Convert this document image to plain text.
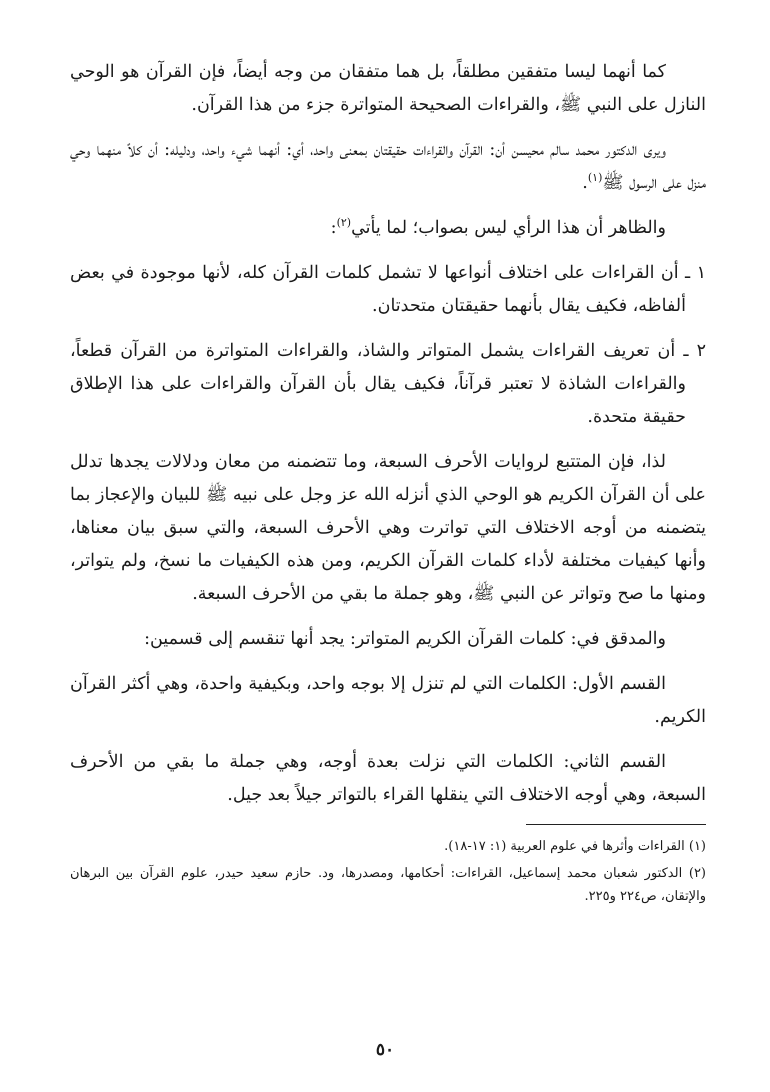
كما أنهما ليسا متفقين مطلقاً، بل هما متفقان من وجه أيضاً، فإن القرآن هو الوحي النازل على النبي ﷺ، والقراءات الصحيحة المتواترة جزء من هذا القرآن.

ويرى الدكتور محمد سالم محيسن أن: القرآن والقراءات حقيقتان بمعنى واحد، أي: أنهما شيء واحد، ودليله: أن كلاً منهما وحي منزل على الرسول ﷺ$^{(١)}$.

والظاهر أن هذا الرأي ليس بصواب؛ لما يأتي$^{(٢)}$:

١ ـ أن القراءات على اختلاف أنواعها لا تشمل كلمات القرآن كله، لأنها موجودة في بعض ألفاظه، فكيف يقال بأنهما حقيقتان متحدتان.

٢ ـ أن تعريف القراءات يشمل المتواتر والشاذ، والقراءات المتواترة من القرآن قطعاً، والقراءات الشاذة لا تعتبر قرآناً، فكيف يقال بأن القرآن والقراءات على هذا الإطلاق حقيقة متحدة.

لذا، فإن المتتبع لروايات الأحرف السبعة، وما تتضمنه من معان ودلالات يجدها تدلل على أن القرآن الكريم هو الوحي الذي أنزله الله عز وجل على نبيه ﷺ للبيان والإعجاز بما يتضمنه من أوجه الاختلاف التي تواترت وهي الأحرف السبعة، والتي سبق بيان معناها، وأنها كيفيات مختلفة لأداء كلمات القرآن الكريم، ومن هذه الكيفيات ما نسخ، ولم يتواتر، ومنها ما صح وتواتر عن النبي ﷺ، وهو جملة ما بقي من الأحرف السبعة.

والمدقق في: كلمات القرآن الكريم المتواتر: يجد أنها تنقسم إلى قسمين:

القسم الأول: الكلمات التي لم تنزل إلا بوجه واحد، وبكيفية واحدة، وهي أكثر القرآن الكريم.

القسم الثاني: الكلمات التي نزلت بعدة أوجه، وهي جملة ما بقي من الأحرف السبعة، وهي أوجه الاختلاف التي ينقلها القراء بالتواتر جيلاً بعد جيل.

(١) القراءات وأثرها في علوم العربية (١: ١٧-١٨).

(٢) الدكتور شعبان محمد إسماعيل، القراءات: أحكامها، ومصدرها، ود. حازم سعيد حيدر، علوم القرآن بين البرهان والإتقان، ص٢٢٤ و٢٢٥.

٥٠
